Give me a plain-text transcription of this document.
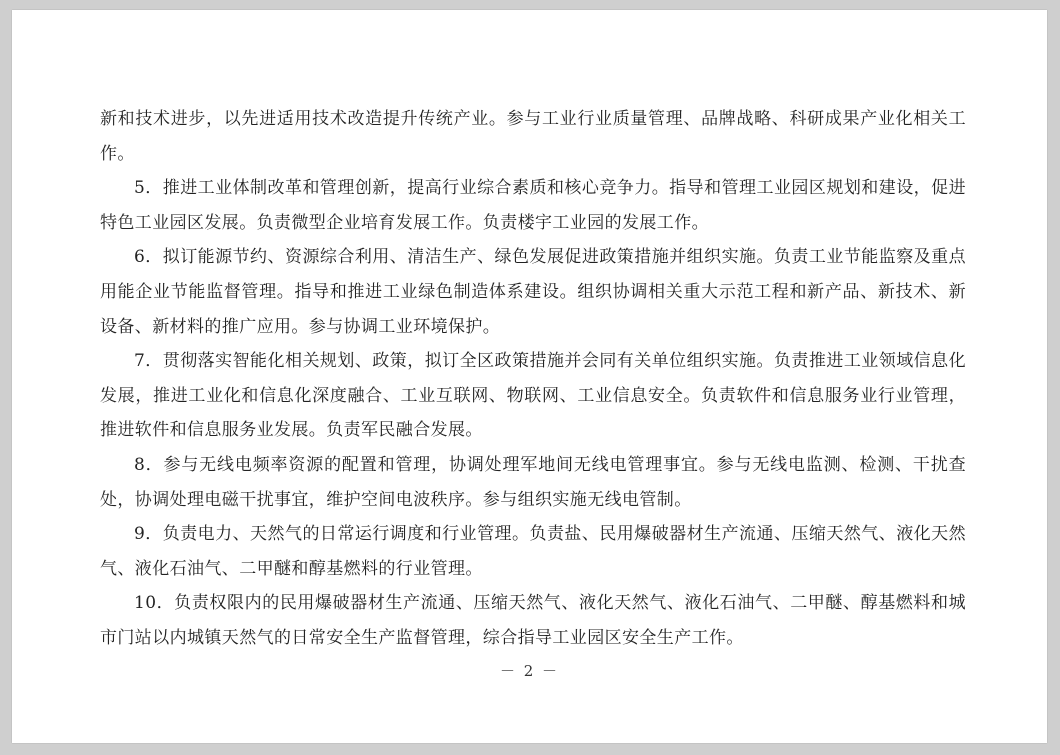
新和技术进步，以先进适用技术改造提升传统产业。参与工业行业质量管理、品牌战略、科研成果产业化相关工作。

5．推进工业体制改革和管理创新，提高行业综合素质和核心竞争力。指导和管理工业园区规划和建设，促进特色工业园区发展。负责微型企业培育发展工作。负责楼宇工业园的发展工作。

6．拟订能源节约、资源综合利用、清洁生产、绿色发展促进政策措施并组织实施。负责工业节能监察及重点用能企业节能监督管理。指导和推进工业绿色制造体系建设。组织协调相关重大示范工程和新产品、新技术、新设备、新材料的推广应用。参与协调工业环境保护。

7．贯彻落实智能化相关规划、政策，拟订全区政策措施并会同有关单位组织实施。负责推进工业领域信息化发展，推进工业化和信息化深度融合、工业互联网、物联网、工业信息安全。负责软件和信息服务业行业管理，推进软件和信息服务业发展。负责军民融合发展。

8．参与无线电频率资源的配置和管理，协调处理军地间无线电管理事宜。参与无线电监测、检测、干扰查处，协调处理电磁干扰事宜，维护空间电波秩序。参与组织实施无线电管制。

9．负责电力、天然气的日常运行调度和行业管理。负责盐、民用爆破器材生产流通、压缩天然气、液化天然气、液化石油气、二甲醚和醇基燃料的行业管理。

10．负责权限内的民用爆破器材生产流通、压缩天然气、液化天然气、液化石油气、二甲醚、醇基燃料和城市门站以内城镇天然气的日常安全生产监督管理，综合指导工业园区安全生产工作。

－ 2 －
